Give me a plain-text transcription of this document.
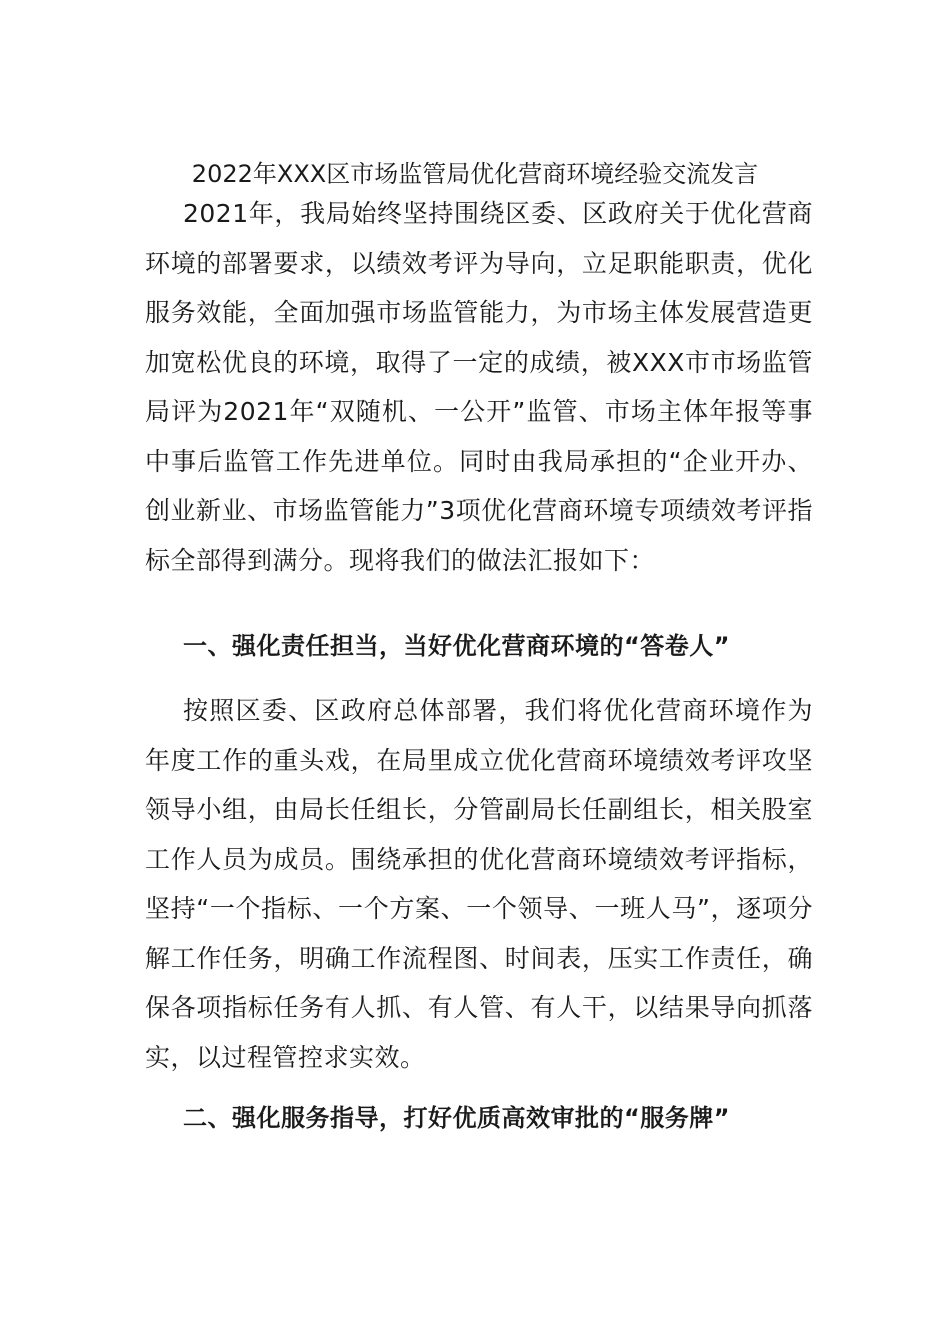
2022年XXX区市场监管局优化营商环境经验交流发言

2021年，我局始终坚持围绕区委、区政府关于优化营商环境的部署要求，以绩效考评为导向，立足职能职责，优化服务效能，全面加强市场监管能力，为市场主体发展营造更加宽松优良的环境，取得了一定的成绩，被XXX市市场监管局评为2021年“双随机、一公开”监管、市场主体年报等事中事后监管工作先进单位。同时由我局承担的“企业开办、创业新业、市场监管能力”3项优化营商环境专项绩效考评指标全部得到满分。现将我们的做法汇报如下：

一、强化责任担当，当好优化营商环境的“答卷人”

按照区委、区政府总体部署，我们将优化营商环境作为年度工作的重头戏，在局里成立优化营商环境绩效考评攻坚领导小组，由局长任组长，分管副局长任副组长，相关股室工作人员为成员。围绕承担的优化营商环境绩效考评指标，坚持“一个指标、一个方案、一个领导、一班人马”，逐项分解工作任务，明确工作流程图、时间表，压实工作责任，确保各项指标任务有人抓、有人管、有人干，以结果导向抓落实，以过程管控求实效。

二、强化服务指导，打好优质高效审批的“服务牌”
